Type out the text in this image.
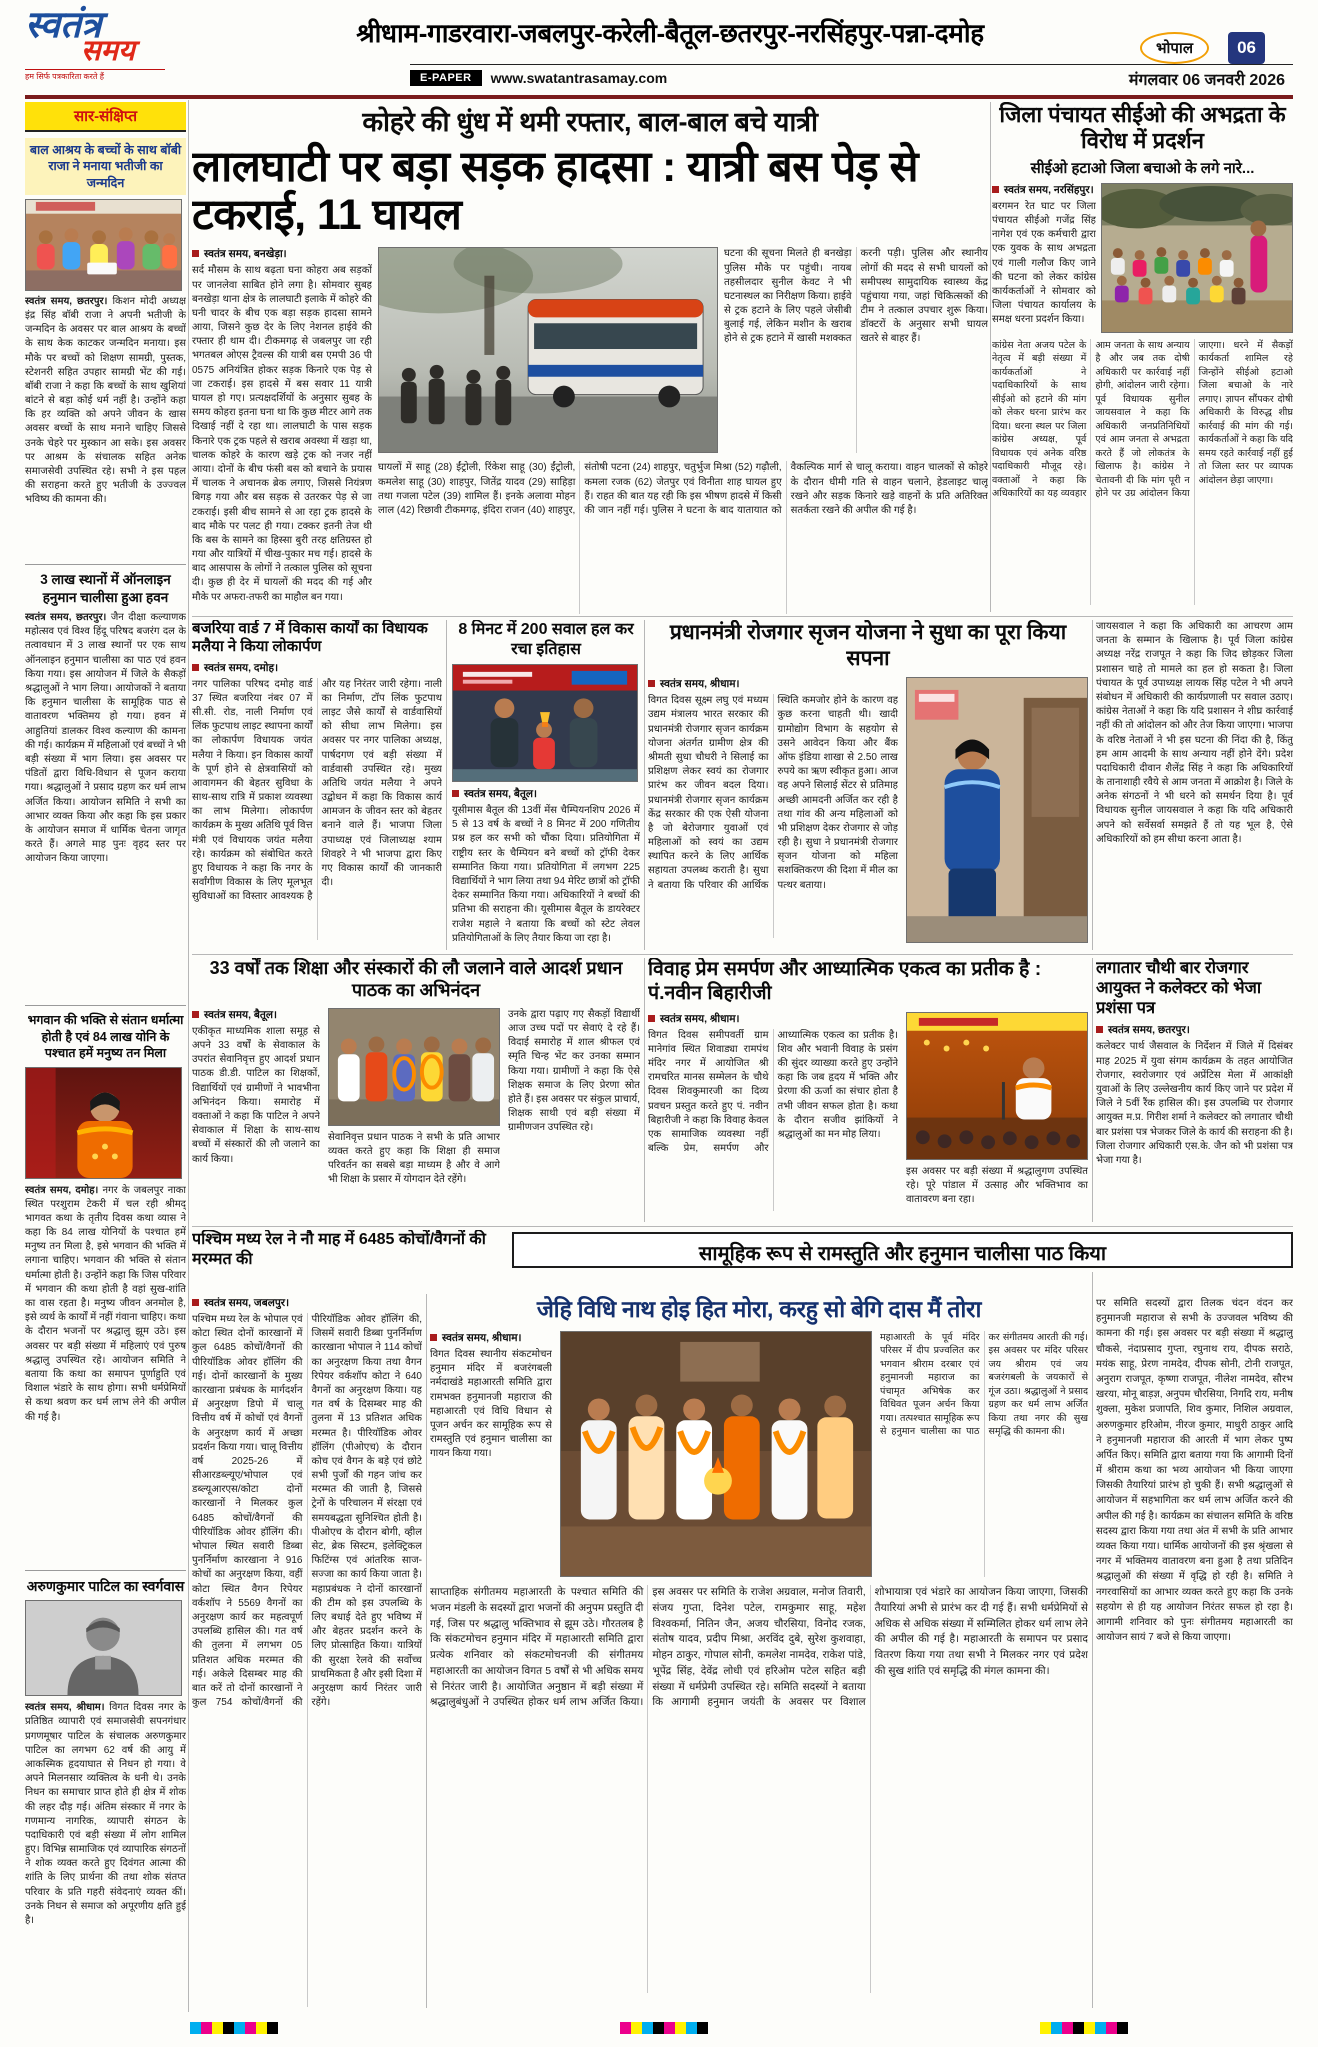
स्वतंत्र
समय
हम सिर्फ पत्रकारिता करते हैं
श्रीधाम-गाडरवारा-जबलपुर-करेली-बैतूल-छतरपुर-नरसिंहपुर-पन्ना-दमोह
भोपाल	06
E-PAPER	www.swatantrasamay.com	मंगलवार 06 जनवरी 2026
सार-संक्षिप्त
बाल आश्रय के बच्चों के साथ बॉबी राजा ने मनाया भतीजी का जन्मदिन
स्वतंत्र समय, छतरपुर। किशन मोदी अध्यक्ष इंद्र सिंह बॉबी राजा ने अपनी भतीजी के जन्मदिन के अवसर पर बाल आश्रय के बच्चों के साथ केक काटकर जन्मदिन मनाया। इस मौके पर बच्चों को शिक्षण सामग्री, पुस्तक, स्टेशनरी सहित उपहार सामग्री भेंट की गई। बॉबी राजा ने कहा कि बच्चों के साथ खुशियां बांटने से बड़ा कोई धर्म नहीं है। उन्होंने कहा कि हर व्यक्ति को अपने जीवन के खास अवसर बच्चों के साथ मनाने चाहिए जिससे उनके चेहरे पर मुस्कान आ सके। इस अवसर पर आश्रम के संचालक सहित अनेक समाजसेवी उपस्थित रहे। सभी ने इस पहल की सराहना करते हुए भतीजी के उज्ज्वल भविष्य की कामना की।
3 लाख स्थानों में ऑनलाइन हनुमान चालीसा हुआ हवन
स्वतंत्र समय, छतरपुर। जैन दीक्षा कल्याणक महोत्सव एवं विश्व हिंदू परिषद बजरंग दल के तत्वावधान में 3 लाख स्थानों पर एक साथ ऑनलाइन हनुमान चालीसा का पाठ एवं हवन किया गया। इस आयोजन में जिले के सैकड़ों श्रद्धालुओं ने भाग लिया। आयोजकों ने बताया कि हनुमान चालीसा के सामूहिक पाठ से वातावरण भक्तिमय हो गया। हवन में आहुतियां डालकर विश्व कल्याण की कामना की गई। कार्यक्रम में महिलाओं एवं बच्चों ने भी बड़ी संख्या में भाग लिया। इस अवसर पर पंडितों द्वारा विधि-विधान से पूजन कराया गया। श्रद्धालुओं ने प्रसाद ग्रहण कर धर्म लाभ अर्जित किया। आयोजन समिति ने सभी का आभार व्यक्त किया और कहा कि इस प्रकार के आयोजन समाज में धार्मिक चेतना जागृत करते हैं। अगले माह पुनः वृहद स्तर पर आयोजन किया जाएगा।
भगवान की भक्ति से संतान धर्मात्मा होती है एवं 84 लाख योनि के पश्चात हमें मनुष्य तन मिला
स्वतंत्र समय, दमोह। नगर के जबलपुर नाका स्थित परशुराम टेकरी में चल रही श्रीमद् भागवत कथा के तृतीय दिवस कथा व्यास ने कहा कि 84 लाख योनियों के पश्चात हमें मनुष्य तन मिला है, इसे भगवान की भक्ति में लगाना चाहिए। भगवान की भक्ति से संतान धर्मात्मा होती है। उन्होंने कहा कि जिस परिवार में भगवान की कथा होती है वहां सुख-शांति का वास रहता है। मनुष्य जीवन अनमोल है, इसे व्यर्थ के कार्यों में नहीं गंवाना चाहिए। कथा के दौरान भजनों पर श्रद्धालु झूम उठे। इस अवसर पर बड़ी संख्या में महिलाएं एवं पुरुष श्रद्धालु उपस्थित रहे। आयोजन समिति ने बताया कि कथा का समापन पूर्णाहुति एवं विशाल भंडारे के साथ होगा। सभी धर्मप्रेमियों से कथा श्रवण कर धर्म लाभ लेने की अपील की गई है।
अरुणकुमार पाटिल का स्वर्गवास
स्वतंत्र समय, श्रीधाम। विगत दिवस नगर के प्रतिष्ठित व्यापारी एवं समाजसेवी सपनगंधार प्रगणमूषार पाटिल के संचालक अरुणकुमार पाटिल का लगभग 62 वर्ष की आयु में आकस्मिक हृदयाघात से निधन हो गया। वे अपने मिलनसार व्यक्तित्व के धनी थे। उनके निधन का समाचार प्राप्त होते ही क्षेत्र में शोक की लहर दौड़ गई। अंतिम संस्कार में नगर के गणमान्य नागरिक, व्यापारी संगठन के पदाधिकारी एवं बड़ी संख्या में लोग शामिल हुए। विभिन्न सामाजिक एवं व्यापारिक संगठनों ने शोक व्यक्त करते हुए दिवंगत आत्मा की शांति के लिए प्रार्थना की तथा शोक संतप्त परिवार के प्रति गहरी संवेदनाएं व्यक्त कीं। उनके निधन से समाज को अपूरणीय क्षति हुई है।
कोहरे की धुंध में थमी रफ्तार, बाल-बाल बचे यात्री
लालघाटी पर बड़ा सड़क हादसा : यात्री बस पेड़ से टकराई, 11 घायल
स्वतंत्र समय, बनखेड़ा।
सर्द मौसम के साथ बढ़ता घना कोहरा अब सड़कों पर जानलेवा साबित होने लगा है। सोमवार सुबह बनखेड़ा थाना क्षेत्र के लालघाटी इलाके में कोहरे की घनी चादर के बीच एक बड़ा सड़क हादसा सामने आया, जिसने कुछ देर के लिए नेशनल हाईवे की रफ्तार ही थाम दी। टीकमगढ़ से जबलपुर जा रही भगतबल ओएस ट्रैवल्स की यात्री बस एमपी 36 पी 0575 अनियंत्रित होकर सड़क किनारे एक पेड़ से जा टकराई। इस हादसे में बस सवार 11 यात्री घायल हो गए। प्रत्यक्षदर्शियों के अनुसार सुबह के समय कोहरा इतना घना था कि कुछ मीटर आगे तक दिखाई नहीं दे रहा था। लालघाटी के पास सड़क किनारे एक ट्रक पहले से खराब अवस्था में खड़ा था, चालक कोहरे के कारण खड़े ट्रक को नजर नहीं आया। दोनों के बीच फंसी बस को बचाने के प्रयास में चालक ने अचानक ब्रेक लगाए, जिससे नियंत्रण बिगड़ गया और बस सड़क से उतरकर पेड़ से जा टकराई। इसी बीच सामने से आ रहा ट्रक हादसे के बाद मौके पर पलट ही गया। टक्कर इतनी तेज थी कि बस के सामने का हिस्सा बुरी तरह क्षतिग्रस्त हो गया और यात्रियों में चीख-पुकार मच गई। हादसे के बाद आसपास के लोगों ने तत्काल पुलिस को सूचना दी। कुछ ही देर में घायलों की मदद की गई और मौके पर अफरा-तफरी का माहौल बन गया।
घटना की सूचना मिलते ही बनखेड़ा पुलिस मौके पर पहुंची। नायब तहसीलदार सुनील केवट ने भी घटनास्थल का निरीक्षण किया। हाईवे से ट्रक हटाने के लिए पहले जेसीबी बुलाई गई, लेकिन मशीन के खराब होने से ट्रक हटाने में खासी मशक्कत करनी पड़ी। पुलिस और स्थानीय लोगों की मदद से सभी घायलों को समीपस्थ सामुदायिक स्वास्थ्य केंद्र पहुंचाया गया, जहां चिकित्सकों की टीम ने तत्काल उपचार शुरू किया। डॉक्टरों के अनुसार सभी घायल खतरे से बाहर हैं।
घायलों में साहू (28) ईंट्रोली, रिंकेश साहू (30) ईंट्रोली, कमलेश साहू (30) शाहपुर, जितेंद्र यादव (29) साहिड़ा तथा गजला पटेल (39) शामिल हैं। इनके अलावा मोहन लाल (42) रिछावी टीकमगढ़, इंदिरा राजन (40) शाहपुर, संतोषी पटना (24) शाहपुर, चतुर्भुज मिश्रा (52) गढ़ौली, कमला रजक (62) जेतपुर एवं विनीता शाह घायल हुए हैं। राहत की बात यह रही कि इस भीषण हादसे में किसी की जान नहीं गई। पुलिस ने घटना के बाद यातायात को वैकल्पिक मार्ग से चालू कराया। वाहन चालकों से कोहरे के दौरान धीमी गति से वाहन चलाने, हेडलाइट चालू रखने और सड़क किनारे खड़े वाहनों के प्रति अतिरिक्त सतर्कता रखने की अपील की गई है।
जिला पंचायत सीईओ की अभद्रता के विरोध में प्रदर्शन
सीईओ हटाओ जिला बचाओ के लगे नारे...
स्वतंत्र समय, नरसिंहपुर।
बरगमन रेत घाट पर जिला पंचायत सीईओ गजेंद्र सिंह नागेश एवं एक कर्मचारी द्वारा एक युवक के साथ अभद्रता एवं गाली गलौज किए जाने की घटना को लेकर कांग्रेस कार्यकर्ताओं ने सोमवार को जिला पंचायत कार्यालय के समक्ष धरना प्रदर्शन किया।
कांग्रेस नेता अजय पटेल के नेतृत्व में बड़ी संख्या में कार्यकर्ताओं ने पदाधिकारियों के साथ सीईओ को हटाने की मांग को लेकर धरना प्रारंभ कर दिया। धरना स्थल पर जिला कांग्रेस अध्यक्ष, पूर्व विधायक एवं अनेक वरिष्ठ पदाधिकारी मौजूद रहे। वक्ताओं ने कहा कि अधिकारियों का यह व्यवहार आम जनता के साथ अन्याय है और जब तक दोषी अधिकारी पर कार्रवाई नहीं होगी, आंदोलन जारी रहेगा। पूर्व विधायक सुनील जायसवाल ने कहा कि अधिकारी जनप्रतिनिधियों एवं आम जनता से अभद्रता करते हैं जो लोकतंत्र के खिलाफ है। कांग्रेस ने चेतावनी दी कि मांग पूरी न होने पर उग्र आंदोलन किया जाएगा। धरने में सैकड़ों कार्यकर्ता शामिल रहे जिन्होंने सीईओ हटाओ जिला बचाओ के नारे लगाए। ज्ञापन सौंपकर दोषी अधिकारी के विरुद्ध शीघ्र कार्रवाई की मांग की गई। कार्यकर्ताओं ने कहा कि यदि समय रहते कार्रवाई नहीं हुई तो जिला स्तर पर व्यापक आंदोलन छेड़ा जाएगा।
जायसवाल ने कहा कि अधिकारी का आचरण आम जनता के सम्मान के खिलाफ है। पूर्व जिला कांग्रेस अध्यक्ष नरेंद्र राजपूत ने कहा कि जिद छोड़कर जिला प्रशासन चाहे तो मामले का हल हो सकता है। जिला पंचायत के पूर्व उपाध्यक्ष लायक सिंह पटेल ने भी अपने संबोधन में अधिकारी की कार्यप्रणाली पर सवाल उठाए। कांग्रेस नेताओं ने कहा कि यदि प्रशासन ने शीघ्र कार्रवाई नहीं की तो आंदोलन को और तेज किया जाएगा। भाजपा के वरिष्ठ नेताओं ने भी इस घटना की निंदा की है, किंतु हम आम आदमी के साथ अन्याय नहीं होने देंगे। प्रदेश पदाधिकारी दीवान शैलेंद्र सिंह ने कहा कि अधिकारियों के तानाशाही रवैये से आम जनता में आक्रोश है। जिले के अनेक संगठनों ने भी धरने को समर्थन दिया है। पूर्व विधायक सुनील जायसवाल ने कहा कि यदि अधिकारी अपने को सर्वेसर्वा समझते हैं तो यह भूल है, ऐसे अधिकारियों को हम सीधा करना आता है।
बजरिया वार्ड 7 में विकास कार्यों का विधायक मलैया ने किया लोकार्पण
स्वतंत्र समय, दमोह।
नगर पालिका परिषद दमोह वार्ड 37 स्थित बजरिया नंबर 07 में सी.सी. रोड, नाली निर्माण एवं लिंक फुटपाथ लाइट स्थापना कार्यों का लोकार्पण विधायक जयंत मलैया ने किया। इन विकास कार्यों के पूर्ण होने से क्षेत्रवासियों को आवागमन की बेहतर सुविधा के साथ-साथ रात्रि में प्रकाश व्यवस्था का लाभ मिलेगा। लोकार्पण कार्यक्रम के मुख्य अतिथि पूर्व वित्त मंत्री एवं विधायक जयंत मलैया रहे। कार्यक्रम को संबोधित करते हुए विधायक ने कहा कि नगर के सर्वांगीण विकास के लिए मूलभूत सुविधाओं का विस्तार आवश्यक है और यह निरंतर जारी रहेगा। नाली का निर्माण, टॉप लिंक फुटपाथ लाइट जैसे कार्यों से वार्डवासियों को सीधा लाभ मिलेगा। इस अवसर पर नगर पालिका अध्यक्ष, पार्षदगण एवं बड़ी संख्या में वार्डवासी उपस्थित रहे। मुख्य अतिथि जयंत मलैया ने अपने उद्बोधन में कहा कि विकास कार्य आमजन के जीवन स्तर को बेहतर बनाने वाले हैं। भाजपा जिला उपाध्यक्ष एवं जिलाध्यक्ष श्याम शिवहरे ने भी भाजपा द्वारा किए गए विकास कार्यों की जानकारी दी।
8 मिनट में 200 सवाल हल कर रचा इतिहास
स्वतंत्र समय, बैतूल।
यूसीमास बैतूल की 13वीं मेंस चैम्पियनशिप 2026 में 5 से 13 वर्ष के बच्चों ने 8 मिनट में 200 गणितीय प्रश्न हल कर सभी को चौंका दिया। प्रतियोगिता में राष्ट्रीय स्तर के चैम्पियन बने बच्चों को ट्रॉफी देकर सम्मानित किया गया। प्रतियोगिता में लगभग 225 विद्यार्थियों ने भाग लिया तथा 94 मेरिट छात्रों को ट्रॉफी देकर सम्मानित किया गया। अधिकारियों ने बच्चों की प्रतिभा की सराहना की। यूसीमास बैतूल के डायरेक्टर राजेश महाले ने बताया कि बच्चों को स्टेट लेवल प्रतियोगिताओं के लिए तैयार किया जा रहा है।
प्रधानमंत्री रोजगार सृजन योजना ने सुधा का पूरा किया सपना
स्वतंत्र समय, श्रीधाम।
विगत दिवस सूक्ष्म लघु एवं मध्यम उद्यम मंत्रालय भारत सरकार की प्रधानमंत्री रोजगार सृजन कार्यक्रम योजना अंतर्गत ग्रामीण क्षेत्र की श्रीमती सुधा चौधरी ने सिलाई का प्रशिक्षण लेकर स्वयं का रोजगार प्रारंभ कर जीवन बदल दिया। प्रधानमंत्री रोजगार सृजन कार्यक्रम केंद्र सरकार की एक ऐसी योजना है जो बेरोजगार युवाओं एवं महिलाओं को स्वयं का उद्यम स्थापित करने के लिए आर्थिक सहायता उपलब्ध कराती है। सुधा ने बताया कि परिवार की आर्थिक स्थिति कमजोर होने के कारण वह कुछ करना चाहती थी। खादी ग्रामोद्योग विभाग के सहयोग से उसने आवेदन किया और बैंक ऑफ इंडिया शाखा से 2.50 लाख रुपये का ऋण स्वीकृत हुआ। आज वह अपने सिलाई सेंटर से प्रतिमाह अच्छी आमदनी अर्जित कर रही है तथा गांव की अन्य महिलाओं को भी प्रशिक्षण देकर रोजगार से जोड़ रही है। सुधा ने प्रधानमंत्री रोजगार सृजन योजना को महिला सशक्तिकरण की दिशा में मील का पत्थर बताया।
33 वर्षों तक शिक्षा और संस्कारों की लौ जलाने वाले आदर्श प्रधान पाठक का अभिनंदन
स्वतंत्र समय, बैतूल।
एकीकृत माध्यमिक शाला समूह से अपने 33 वर्षों के सेवाकाल के उपरांत सेवानिवृत्त हुए आदर्श प्रधान पाठक डी.डी. पाटिल का शिक्षकों, विद्यार्थियों एवं ग्रामीणों ने भावभीना अभिनंदन किया। समारोह में वक्ताओं ने कहा कि पाटिल ने अपने सेवाकाल में शिक्षा के साथ-साथ बच्चों में संस्कारों की लौ जलाने का कार्य किया।
सेवानिवृत्त प्रधान पाठक ने सभी के प्रति आभार व्यक्त करते हुए कहा कि शिक्षा ही समाज परिवर्तन का सबसे बड़ा माध्यम है और वे आगे भी शिक्षा के प्रसार में योगदान देते रहेंगे।
उनके द्वारा पढ़ाए गए सैकड़ों विद्यार्थी आज उच्च पदों पर सेवाएं दे रहे हैं। विदाई समारोह में शाल श्रीफल एवं स्मृति चिन्ह भेंट कर उनका सम्मान किया गया। ग्रामीणों ने कहा कि ऐसे शिक्षक समाज के लिए प्रेरणा स्रोत होते हैं। इस अवसर पर संकुल प्राचार्य, शिक्षक साथी एवं बड़ी संख्या में ग्रामीणजन उपस्थित रहे।
विवाह प्रेम समर्पण और आध्यात्मिक एकत्व का प्रतीक है : पं.नवीन बिहारीजी
स्वतंत्र समय, श्रीधाम।
विगत दिवस समीपवर्ती ग्राम मानेगांव स्थित शिवाड्या रामपंथ मंदिर नगर में आयोजित श्री रामचरित मानस सम्मेलन के चौथे दिवस शिवकुमारजी का दिव्य प्रवचन प्रस्तुत करते हुए पं. नवीन बिहारीजी ने कहा कि विवाह केवल एक सामाजिक व्यवस्था नहीं बल्कि प्रेम, समर्पण और आध्यात्मिक एकत्व का प्रतीक है। शिव और भवानी विवाह के प्रसंग की सुंदर व्याख्या करते हुए उन्होंने कहा कि जब हृदय में भक्ति और प्रेरणा की ऊर्जा का संचार होता है तभी जीवन सफल होता है। कथा के दौरान सजीव झांकियों ने श्रद्धालुओं का मन मोह लिया।
इस अवसर पर बड़ी संख्या में श्रद्धालुगण उपस्थित रहे। पूरे पांडाल में उत्साह और भक्तिभाव का वातावरण बना रहा।
लगातार चौथी बार रोजगार आयुक्त ने कलेक्टर को भेजा प्रशंसा पत्र
स्वतंत्र समय, छतरपुर।
कलेक्टर पार्थ जैसवाल के निर्देशन में जिले में दिसंबर माह 2025 में युवा संगम कार्यक्रम के तहत आयोजित रोजगार, स्वरोजगार एवं अप्रेंटिस मेला में आकांक्षी युवाओं के लिए उल्लेखनीय कार्य किए जाने पर प्रदेश में जिले ने 5वीं रैंक हासिल की। इस उपलब्धि पर रोजगार आयुक्त म.प्र. गिरीश शर्मा ने कलेक्टर को लगातार चौथी बार प्रशंसा पत्र भेजकर जिले के कार्य की सराहना की है। जिला रोजगार अधिकारी एस.के. जैन को भी प्रशंसा पत्र भेजा गया है।
पश्चिम मध्य रेल ने नौ माह में 6485 कोचों/वैगनों की मरम्मत की
स्वतंत्र समय, जबलपुर।
पश्चिम मध्य रेल के भोपाल एवं कोटा स्थित दोनों कारखानों में कुल 6485 कोचों/वैगनों की पीरियॉडिक ओवर हॉलिंग की गई। दोनों कारखानों के मुख्य कारखाना प्रबंधक के मार्गदर्शन में अनुरक्षण डिपो में चालू वित्तीय वर्ष में कोचों एवं वैगनों के अनुरक्षण कार्य में अच्छा प्रदर्शन किया गया। चालू वित्तीय वर्ष 2025-26 में सीआरडब्ल्यूए/भोपाल एवं डब्ल्यूआरएस/कोटा दोनों कारखानों ने मिलकर कुल 6485 कोचों/वैगनों की पीरियॉडिक ओवर हॉलिंग की। भोपाल स्थित सवारी डिब्बा पुनर्निर्माण कारखाना ने 916 कोचों का अनुरक्षण किया, वहीं कोटा स्थित वैगन रिपेयर वर्कशॉप ने 5569 वैगनों का अनुरक्षण कार्य कर महत्वपूर्ण उपलब्धि हासिल की। गत वर्ष की तुलना में लगभग 05 प्रतिशत अधिक मरम्मत की गई। अकेले दिसम्बर माह की बात करें तो दोनों कारखानों ने कुल 754 कोचों/वैगनों की पीरियॉडिक ओवर हॉलिंग की, जिसमें सवारी डिब्बा पुनर्निर्माण कारखाना भोपाल ने 114 कोचों का अनुरक्षण किया तथा वैगन रिपेयर वर्कशॉप कोटा ने 640 वैगनों का अनुरक्षण किया। यह गत वर्ष के दिसम्बर माह की तुलना में 13 प्रतिशत अधिक मरम्मत है। पीरियॉडिक ओवर हॉलिंग (पीओएच) के दौरान कोच एवं वैगन के बड़े एवं छोटे सभी पुर्जों की गहन जांच कर मरम्मत की जाती है, जिससे ट्रेनों के परिचालन में संरक्षा एवं समयबद्धता सुनिश्चित होती है। पीओएच के दौरान बोगी, व्हील सेट, ब्रेक सिस्टम, इलेक्ट्रिकल फिटिंग्स एवं आंतरिक साज-सज्जा का कार्य किया जाता है। महाप्रबंधक ने दोनों कारखानों की टीम को इस उपलब्धि के लिए बधाई देते हुए भविष्य में और बेहतर प्रदर्शन करने के लिए प्रोत्साहित किया। यात्रियों की सुरक्षा रेलवे की सर्वोच्च प्राथमिकता है और इसी दिशा में अनुरक्षण कार्य निरंतर जारी रहेंगे।
सामूहिक रूप से रामस्तुति और हनुमान चालीसा पाठ किया
जेहि विधि नाथ होइ हित मोरा, करहु सो बेगि दास मैं तोरा
स्वतंत्र समय, श्रीधाम।
विगत दिवस स्थानीय संकटमोचन हनुमान मंदिर में बजरंगबली नर्मदाखंडे महाआरती समिति द्वारा रामभक्त हनुमानजी महाराज की महाआरती एवं विधि विधान से पूजन अर्चन कर सामूहिक रूप से रामस्तुति एवं हनुमान चालीसा का गायन किया गया।
महाआरती के पूर्व मंदिर परिसर में दीप प्रज्वलित कर भगवान श्रीराम दरबार एवं हनुमानजी महाराज का पंचामृत अभिषेक कर विधिवत पूजन अर्चन किया गया। तत्पश्चात सामूहिक रूप से हनुमान चालीसा का पाठ कर संगीतमय आरती की गई। इस अवसर पर मंदिर परिसर जय श्रीराम एवं जय बजरंगबली के जयकारों से गूंज उठा। श्रद्धालुओं ने प्रसाद ग्रहण कर धर्म लाभ अर्जित किया तथा नगर की सुख समृद्धि की कामना की।
साप्ताहिक संगीतमय महाआरती के पश्चात समिति की भजन मंडली के सदस्यों द्वारा भजनों की अनुपम प्रस्तुति दी गई, जिस पर श्रद्धालु भक्तिभाव से झूम उठे। गौरतलब है कि संकटमोचन हनुमान मंदिर में महाआरती समिति द्वारा प्रत्येक शनिवार को संकटमोचनजी की संगीतमय महाआरती का आयोजन विगत 5 वर्षों से भी अधिक समय से निरंतर जारी है। आयोजित अनुष्ठान में बड़ी संख्या में श्रद्धालुबंधुओं ने उपस्थित होकर धर्म लाभ अर्जित किया। इस अवसर पर समिति के राजेश अग्रवाल, मनोज तिवारी, संजय गुप्ता, दिनेश पटेल, रामकुमार साहू, महेश विश्वकर्मा, नितिन जैन, अजय चौरसिया, विनोद रजक, संतोष यादव, प्रदीप मिश्रा, अरविंद दुबे, सुरेश कुशवाहा, मोहन ठाकुर, गोपाल सोनी, कमलेश नामदेव, राकेश पांडे, भूपेंद्र सिंह, देवेंद्र लोधी एवं हरिओम पटेल सहित बड़ी संख्या में धर्मप्रेमी उपस्थित रहे। समिति सदस्यों ने बताया कि आगामी हनुमान जयंती के अवसर पर विशाल शोभायात्रा एवं भंडारे का आयोजन किया जाएगा, जिसकी तैयारियां अभी से प्रारंभ कर दी गई हैं। सभी धर्मप्रेमियों से अधिक से अधिक संख्या में सम्मिलित होकर धर्म लाभ लेने की अपील की गई है। महाआरती के समापन पर प्रसाद वितरण किया गया तथा सभी ने मिलकर नगर एवं प्रदेश की सुख शांति एवं समृद्धि की मंगल कामना की।
पर समिति सदस्यों द्वारा तिलक चंदन वंदन कर हनुमानजी महाराज से सभी के उज्जवल भविष्य की कामना की गई। इस अवसर पर बड़ी संख्या में श्रद्धालु चौकसे, नंदाप्रसाद गुप्ता, रघुनाथ राय, दीपक सराठे, मयंक साहू, प्रेरण नामदेव, दीपक सोनी, टोनी राजपूत, अनुराग राजपूत, कृष्णा राजपूत, नीलेश नामदेव, सौरभ खरया, मोनू बाड़ज्ञ, अनुपम चौरसिया, निगदि राय, मनीष शुक्ला, मुकेश प्रजापति, शिव कुमार, निशिल अग्रवाल, अरुणकुमार हरिओम, नीरज कुमार, माधुरी ठाकुर आदि ने हनुमानजी महाराज की आरती में भाग लेकर पुष्प अर्पित किए। समिति द्वारा बताया गया कि आगामी दिनों में श्रीराम कथा का भव्य आयोजन भी किया जाएगा जिसकी तैयारियां प्रारंभ हो चुकी हैं। सभी श्रद्धालुओं से आयोजन में सहभागिता कर धर्म लाभ अर्जित करने की अपील की गई है। कार्यक्रम का संचालन समिति के वरिष्ठ सदस्य द्वारा किया गया तथा अंत में सभी के प्रति आभार व्यक्त किया गया। धार्मिक आयोजनों की इस श्रृंखला से नगर में भक्तिमय वातावरण बना हुआ है तथा प्रतिदिन श्रद्धालुओं की संख्या में वृद्धि हो रही है। समिति ने नगरवासियों का आभार व्यक्त करते हुए कहा कि उनके सहयोग से ही यह आयोजन निरंतर सफल हो रहा है। आगामी शनिवार को पुनः संगीतमय महाआरती का आयोजन सायं 7 बजे से किया जाएगा।
